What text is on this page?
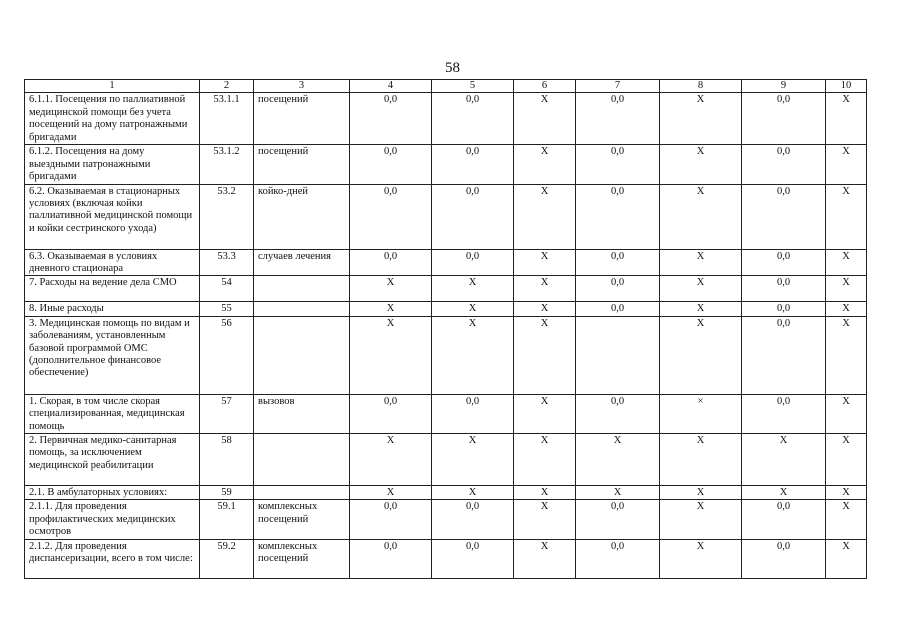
58
1	2	3	4	5	6	7	8	9	10
6.1.1. Посещения по паллиативной медицинской помощи без учета посещений на дому патронажными бригадами	53.1.1	посещений	0,0	0,0	X	0,0	X	0,0	X
6.1.2. Посещения на дому выездными патронажными бригадами	53.1.2	посещений	0,0	0,0	X	0,0	X	0,0	X
6.2. Оказываемая в стационарных условиях (включая койки паллиативной медицинской помощи и койки сестринского ухода)	53.2	койко-дней	0,0	0,0	X	0,0	X	0,0	X
6.3. Оказываемая в условиях дневного стационара	53.3	случаев лечения	0,0	0,0	X	0,0	X	0,0	X
7. Расходы на ведение дела СМО	54		X	X	X	0,0	X	0,0	X
8. Иные расходы	55		X	X	X	0,0	X	0,0	X
3. Медицинская помощь по видам и заболеваниям, установленным базовой программой ОМС (дополнительное финансовое обеспечение)	56		X	X	X		X	0,0	X
1. Скорая, в том числе скорая специализированная, медицинская помощь	57	вызовов	0,0	0,0	X	0,0	×	0,0	X
2. Первичная медико-санитарная помощь, за исключением медицинской реабилитации	58		X	X	X	X	X	X	X
2.1. В амбулаторных условиях:	59		X	X	X	X	X	X	X
2.1.1. Для проведения профилактических медицинских осмотров	59.1	комплексных посещений	0,0	0,0	X	0,0	X	0,0	X
2.1.2. Для проведения диспансеризации, всего в том числе:	59.2	комплексных посещений	0,0	0,0	X	0,0	X	0,0	X
